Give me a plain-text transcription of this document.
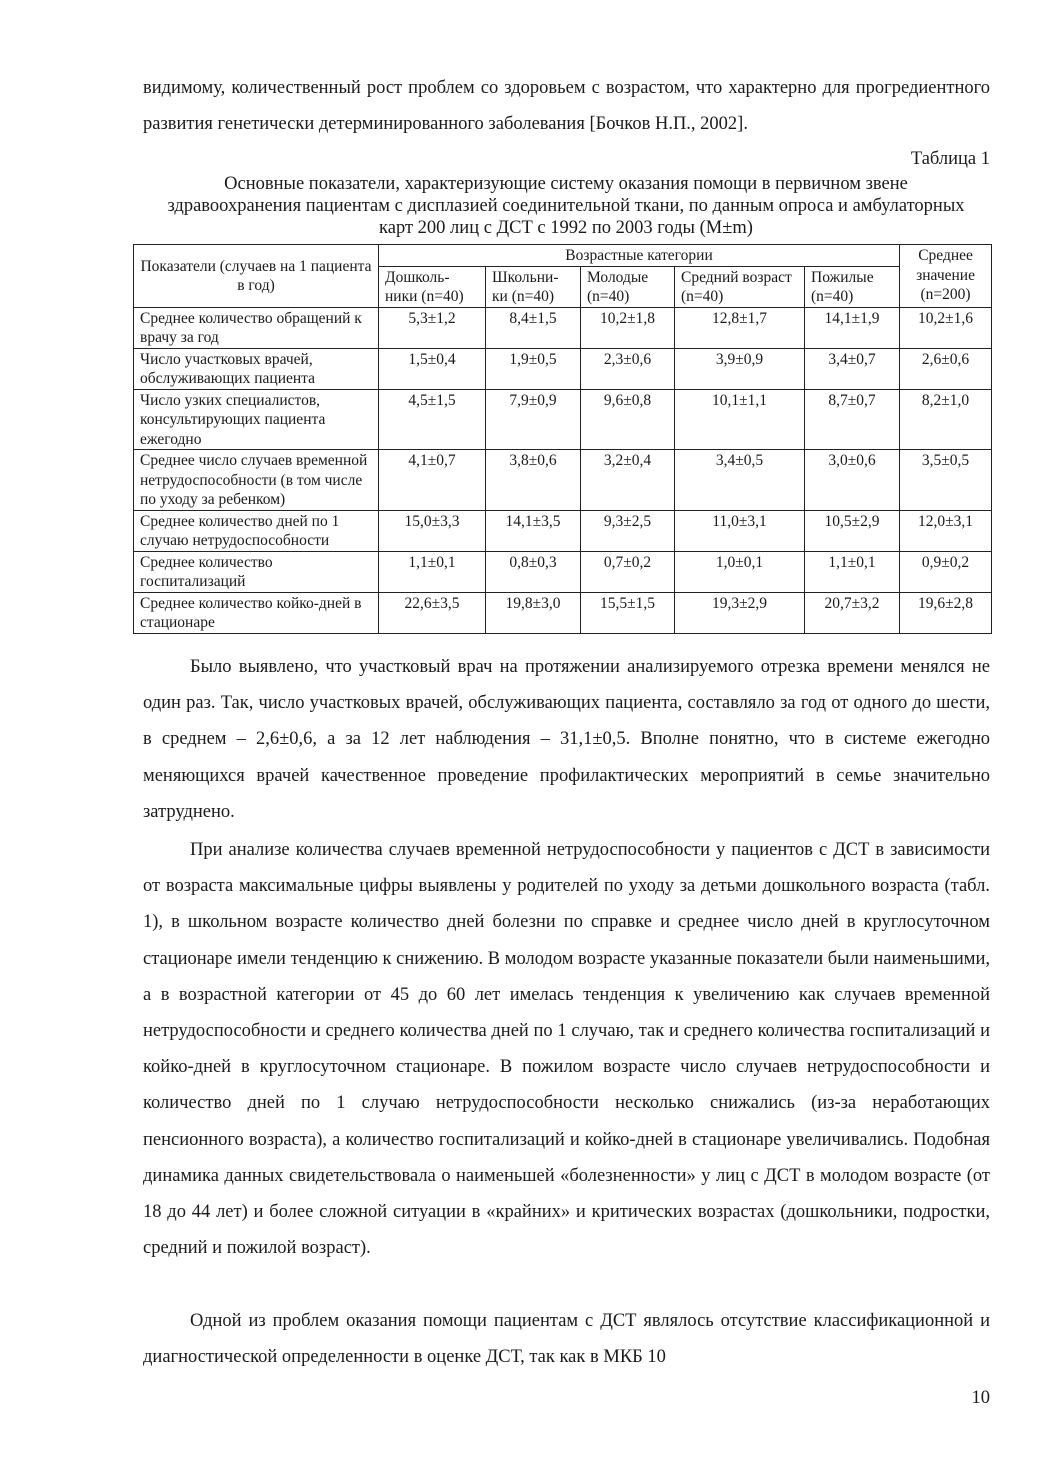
видимому, количественный рост проблем со здоровьем с возрастом, что характерно для прогредиентного развития генетически детерминированного заболевания [Бочков Н.П., 2002].

Таблица 1
Основные показатели, характеризующие систему оказания помощи в первичном звене здравоохранения пациентам с дисплазией соединительной ткани, по данным опроса и амбулаторных карт 200 лиц с ДСТ с 1992 по 2003 годы (M±m)
Показатели (случаев на 1 пациента в год)	Возрастные категории					Среднее значение (n=200)
	Дошколь-ники (n=40)	Школьни-ки (n=40)	Молодые (n=40)	Средний возраст (n=40)	Пожилые (n=40)	
Среднее количество обращений к врачу за год	5,3±1,2	8,4±1,5	10,2±1,8	12,8±1,7	14,1±1,9	10,2±1,6
Число участковых врачей, обслуживающих пациента	1,5±0,4	1,9±0,5	2,3±0,6	3,9±0,9	3,4±0,7	2,6±0,6
Число узких специалистов, консультирующих пациента ежегодно	4,5±1,5	7,9±0,9	9,6±0,8	10,1±1,1	8,7±0,7	8,2±1,0
Среднее число случаев временной нетрудоспособности (в том числе по уходу за ребенком)	4,1±0,7	3,8±0,6	3,2±0,4	3,4±0,5	3,0±0,6	3,5±0,5
Среднее количество дней по 1 случаю нетрудоспособности	15,0±3,3	14,1±3,5	9,3±2,5	11,0±3,1	10,5±2,9	12,0±3,1
Среднее количество госпитализаций	1,1±0,1	0,8±0,3	0,7±0,2	1,0±0,1	1,1±0,1	0,9±0,2
Среднее количество койко-дней в стационаре	22,6±3,5	19,8±3,0	15,5±1,5	19,3±2,9	20,7±3,2	19,6±2,8

Было выявлено, что участковый врач на протяжении анализируемого отрезка времени менялся не один раз. Так, число участковых врачей, обслуживающих пациента, составляло за год от одного до шести, в среднем – 2,6±0,6, а за 12 лет наблюдения – 31,1±0,5. Вполне понятно, что в системе ежегодно меняющихся врачей качественное проведение профилактических мероприятий в семье значительно затруднено.

При анализе количества случаев временной нетрудоспособности у пациентов с ДСТ в зависимости от возраста максимальные цифры выявлены у родителей по уходу за детьми дошкольного возраста (табл. 1), в школьном возрасте количество дней болезни по справке и среднее число дней в круглосуточном стационаре имели тенденцию к снижению. В молодом возрасте указанные показатели были наименьшими, а в возрастной категории от 45 до 60 лет имелась тенденция к увеличению как случаев временной нетрудоспособности и среднего количества дней по 1 случаю, так и среднего количества госпитализаций и койко-дней в круглосуточном стационаре. В пожилом возрасте число случаев нетрудоспособности и количество дней по 1 случаю нетрудоспособности несколько снижались (из-за неработающих пенсионного возраста), а количество госпитализаций и койко-дней в стационаре увеличивались. Подобная динамика данных свидетельствовала о наименьшей «болезненности» у лиц с ДСТ в молодом возрасте (от 18 до 44 лет) и более сложной ситуации в «крайних» и критических возрастах (дошкольники, подростки, средний и пожилой возраст).

Одной из проблем оказания помощи пациентам с ДСТ являлось отсутствие классификационной и диагностической определенности в оценке ДСТ, так как в МКБ 10

10
